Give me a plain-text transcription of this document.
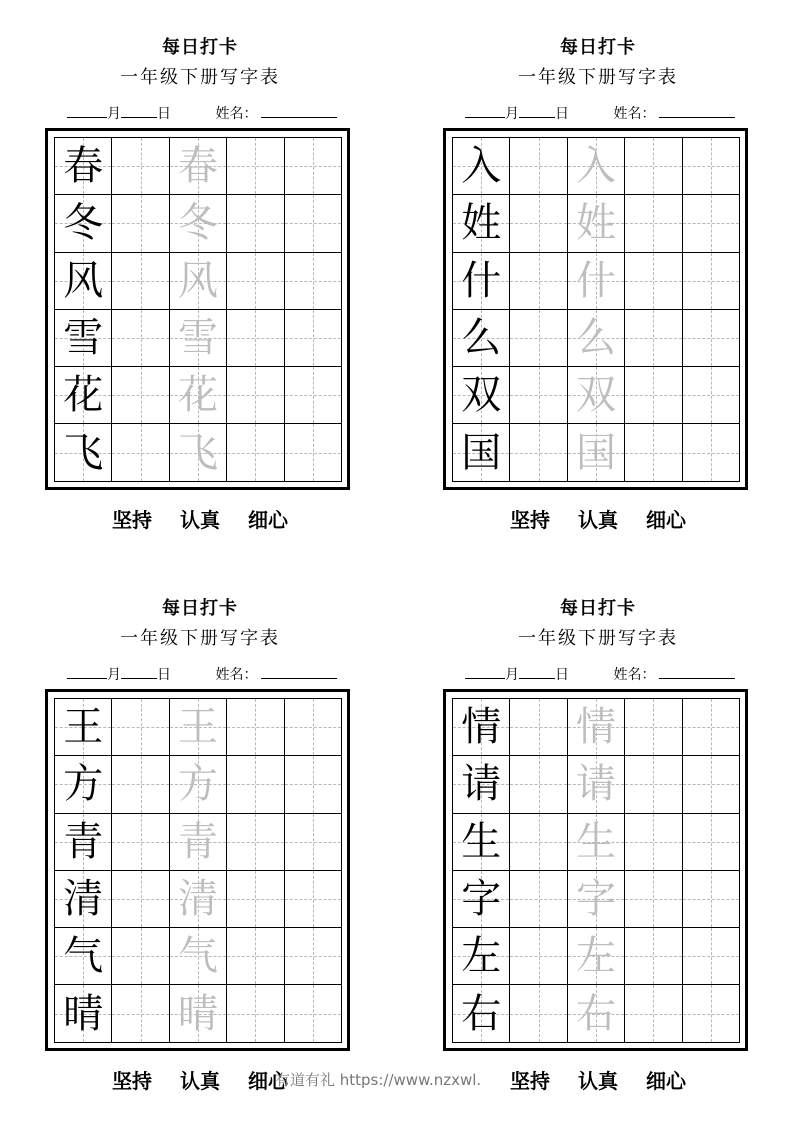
每日打卡
一年级下册写字表
月	日	姓名：
春 春
冬 冬
风 风
雪 雪
花 花
飞 飞
坚持 认真 细心
每日打卡
一年级下册写字表
月	日	姓名：
入 入
姓 姓
什 什
么 么
双 双
国 国
坚持 认真 细心
每日打卡
一年级下册写字表
月	日	姓名：
王 王
方 方
青 青
清 清
气 气
晴 晴
坚持 认真 细心
每日打卡
一年级下册写字表
月	日	姓名：
情 情
请 请
生 生
字 字
左 左
右 右
坚持 认真 细心
有道有礼 https://www.nzxwl.
